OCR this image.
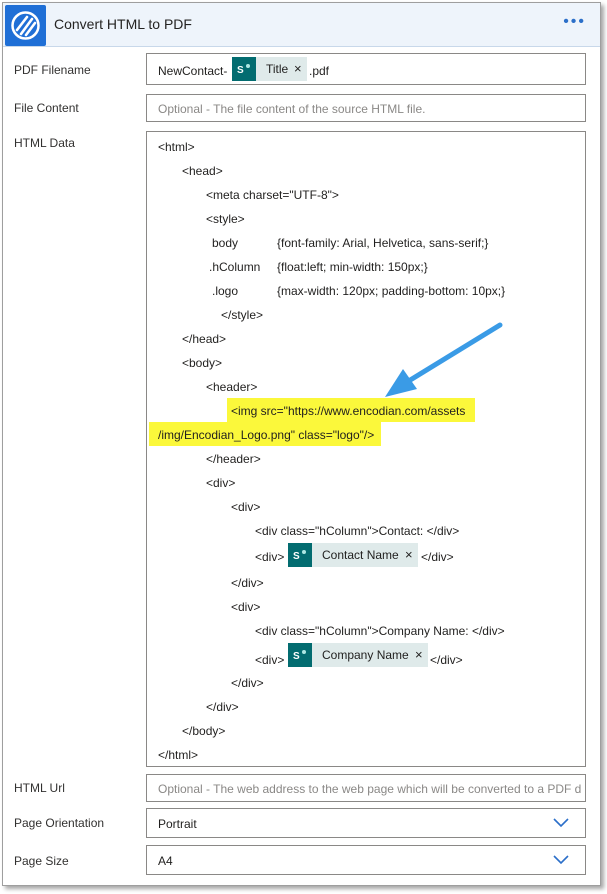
Convert HTML to PDF	•••
PDF Filename	NewContact- S Title × .pdf
File Content	Optional - The file content of the source HTML file.
HTML Data	<html>
<head>
<meta charset="UTF-8">
<style>
body	{font-family: Arial, Helvetica, sans-serif;}
.hColumn {float:left; min-width: 150px;}
.logo	{max-width: 120px; padding-bottom: 10px;}
</style>
</head>
<body>
<header>
<img src="https://www.encodian.com/assets
/img/Encodian_Logo.png" class="logo"/>
</header>
<div>
<div>
<div class="hColumn">Contact: </div>
<div> S Contact Name × </div>
</div>
<div>
<div class="hColumn">Company Name: </div>
<div> S Company Name × </div>
</div>
</div>
</body>
</html>
HTML Url	Optional - The web address to the web page which will be converted to a PDF d
Page Orientation	Portrait
Page Size	A4
